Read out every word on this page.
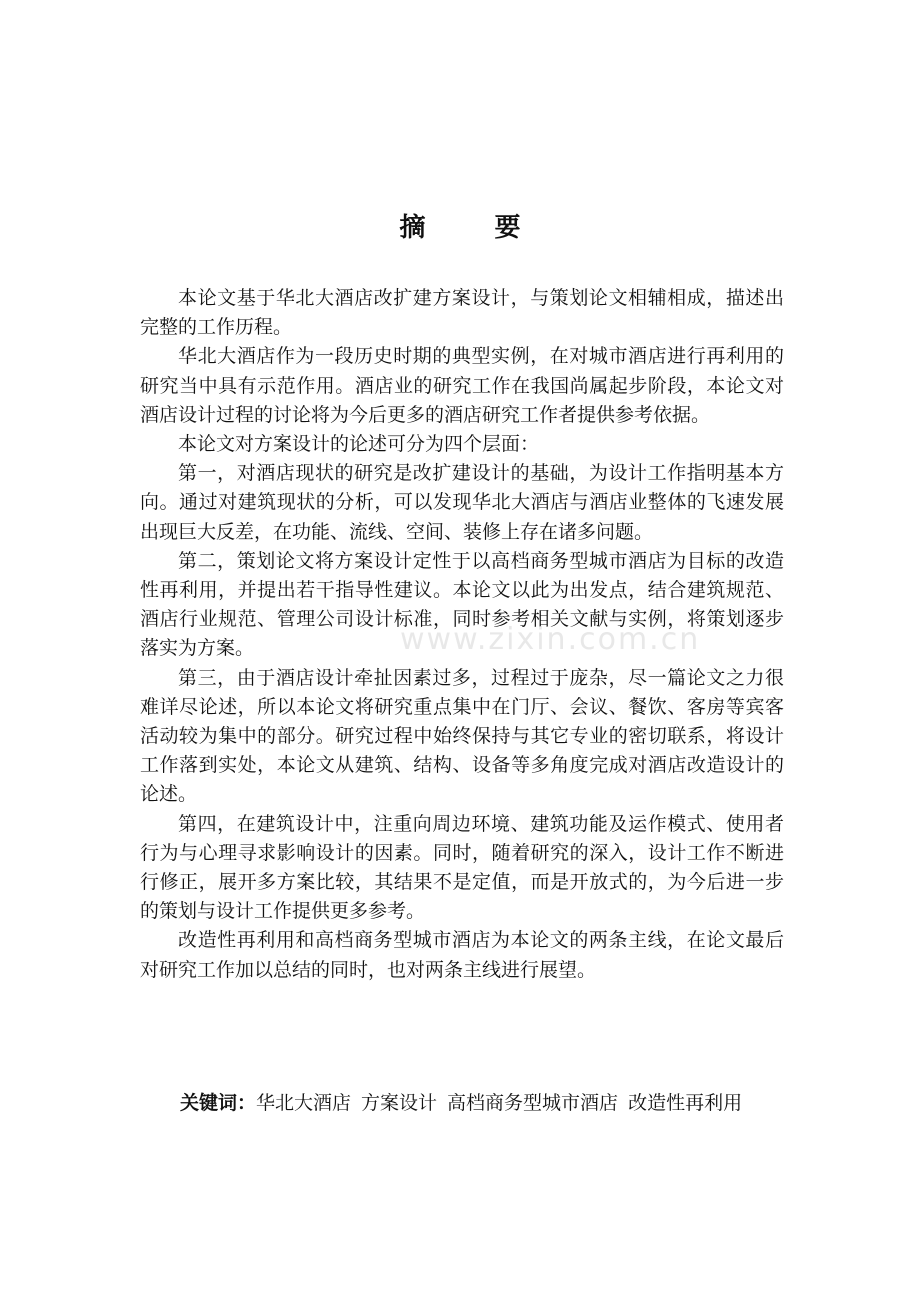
摘 要

本论文基于华北大酒店改扩建方案设计，与策划论文相辅相成，描述出完整的工作历程。

华北大酒店作为一段历史时期的典型实例，在对城市酒店进行再利用的研究当中具有示范作用。酒店业的研究工作在我国尚属起步阶段，本论文对酒店设计过程的讨论将为今后更多的酒店研究工作者提供参考依据。

本论文对方案设计的论述可分为四个层面：

第一，对酒店现状的研究是改扩建设计的基础，为设计工作指明基本方向。通过对建筑现状的分析，可以发现华北大酒店与酒店业整体的飞速发展出现巨大反差，在功能、流线、空间、装修上存在诸多问题。

第二，策划论文将方案设计定性于以高档商务型城市酒店为目标的改造性再利用，并提出若干指导性建议。本论文以此为出发点，结合建筑规范、酒店行业规范、管理公司设计标准，同时参考相关文献与实例，将策划逐步落实为方案。

第三，由于酒店设计牵扯因素过多，过程过于庞杂，尽一篇论文之力很难详尽论述，所以本论文将研究重点集中在门厅、会议、餐饮、客房等宾客活动较为集中的部分。研究过程中始终保持与其它专业的密切联系，将设计工作落到实处，本论文从建筑、结构、设备等多角度完成对酒店改造设计的论述。

第四，在建筑设计中，注重向周边环境、建筑功能及运作模式、使用者行为与心理寻求影响设计的因素。同时，随着研究的深入，设计工作不断进行修正，展开多方案比较，其结果不是定值，而是开放式的，为今后进一步的策划与设计工作提供更多参考。

改造性再利用和高档商务型城市酒店为本论文的两条主线，在论文最后对研究工作加以总结的同时，也对两条主线进行展望。

www.zixin.com.cn
关键词：华北大酒店 方案设计 高档商务型城市酒店 改造性再利用
